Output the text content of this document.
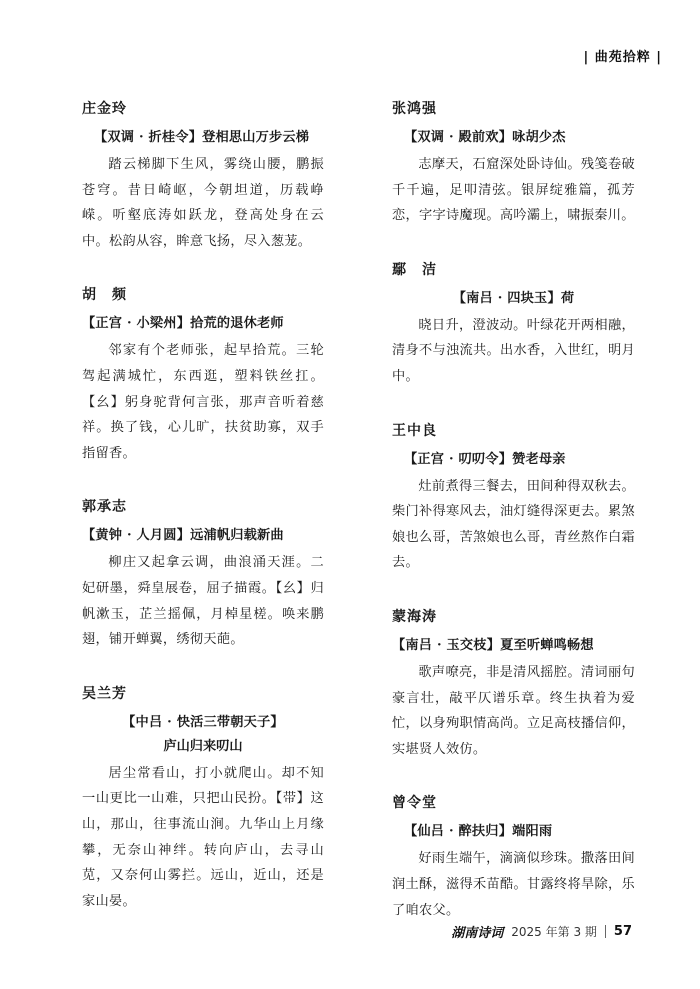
| 曲苑拾粹 |
庄金玲
【双调 · 折桂令】登相思山万步云梯
踏云梯脚下生风，雾绕山腰，鹏振苍穹。昔日崎岖，今朝坦道，历载峥嵘。听壑底涛如跃龙，登高处身在云中。松韵从容，眸意飞扬，尽入葱茏。
胡　频
【正宫 · 小梁州】拾荒的退休老师
邻家有个老师张，起早拾荒。三轮驾起满城忙，东西逛，塑料铁丝扛。【幺】躬身驼背何言张，那声音听着慈祥。换了钱，心儿旷，扶贫助寡，双手指留香。
郭承志
【黄钟 · 人月圆】远浦帆归载新曲
柳庄又起拿云调，曲浪涌天涯。二妃研墨，舜皇展卷，屈子描霞。【幺】归帆漱玉，芷兰摇佩，月棹星槎。唤来鹏翅，铺开蝉翼，绣彻天葩。
吴兰芳
【中吕 · 快活三带朝天子】
庐山归来叨山
居尘常看山，打小就爬山。却不知一山更比一山难，只把山民扮。【带】这山，那山，往事流山涧。九华山上月缘攀，无奈山神绊。转向庐山，去寻山苋，又奈何山雾拦。远山，近山，还是家山晏。
张鸿强
【双调 · 殿前欢】咏胡少杰
志摩天，石窟深处卧诗仙。残笺卷破千千遍，足叩清弦。银屏绽雅篇，孤芳恋，字字诗魔现。高吟灞上，啸振秦川。
鄢　洁
【南吕 · 四块玉】荷
晓日升，澄波动。叶绿花开两相融，清身不与浊流共。出水香，入世红，明月中。
王中良
【正宫 · 叨叨令】赞老母亲
灶前煮得三餐去，田间种得双秋去。柴门补得寒风去，油灯缝得深更去。累煞娘也么哥，苦煞娘也么哥，青丝熬作白霜去。
蒙海涛
【南吕 · 玉交枝】夏至听蝉鸣畅想
歌声嘹亮，非是清风摇腔。清词丽句豪言壮，敲平仄谱乐章。终生执着为爱忙，以身殉职情高尚。立足高枝播信仰，实堪贤人效仿。
曾令堂
【仙吕 · 醉扶归】端阳雨
好雨生端午，滴滴似珍珠。撒落田间润土酥，滋得禾苗酷。甘露终将旱除，乐了咱农父。
湖南诗词 2025 年第 3 期 57
